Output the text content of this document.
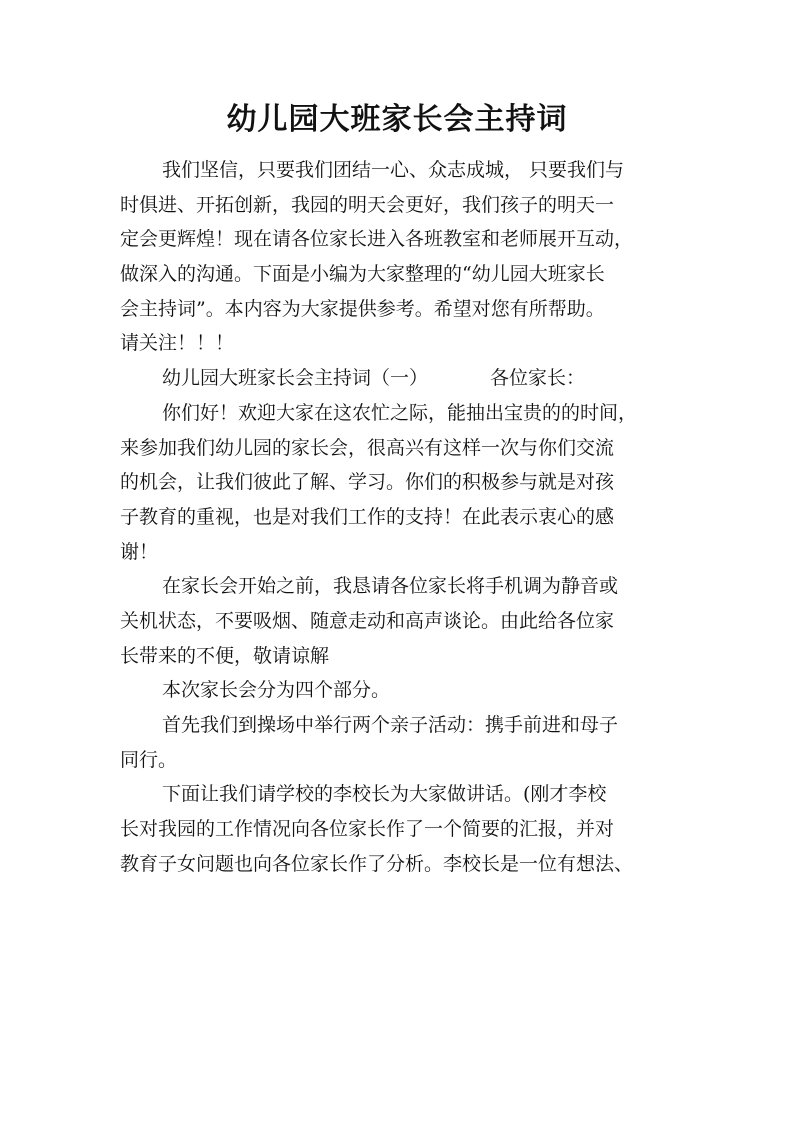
幼儿园大班家长会主持词
我们坚信，只要我们团结一心、众志成城， 只要我们与
时俱进、开拓创新，我园的明天会更好，我们孩子的明天一
定会更辉煌！现在请各位家长进入各班教室和老师展开互动，
做深入的沟通。下面是小编为大家整理的“幼儿园大班家长
会主持词”。本内容为大家提供参考。希望对您有所帮助。
请关注！！！
幼儿园大班家长会主持词（一）	各位家长：
你们好！欢迎大家在这农忙之际，能抽出宝贵的的时间，
来参加我们幼儿园的家长会，很高兴有这样一次与你们交流
的机会，让我们彼此了解、学习。你们的积极参与就是对孩
子教育的重视，也是对我们工作的支持！在此表示衷心的感
谢！
在家长会开始之前，我恳请各位家长将手机调为静音或
关机状态，不要吸烟、随意走动和高声谈论。由此给各位家
长带来的不便，敬请谅解
本次家长会分为四个部分。
首先我们到操场中举行两个亲子活动：携手前进和母子
同行。
下面让我们请学校的李校长为大家做讲话。(刚才李校
长对我园的工作情况向各位家长作了一个简要的汇报，并对
教育子女问题也向各位家长作了分析。李校长是一位有想法、
